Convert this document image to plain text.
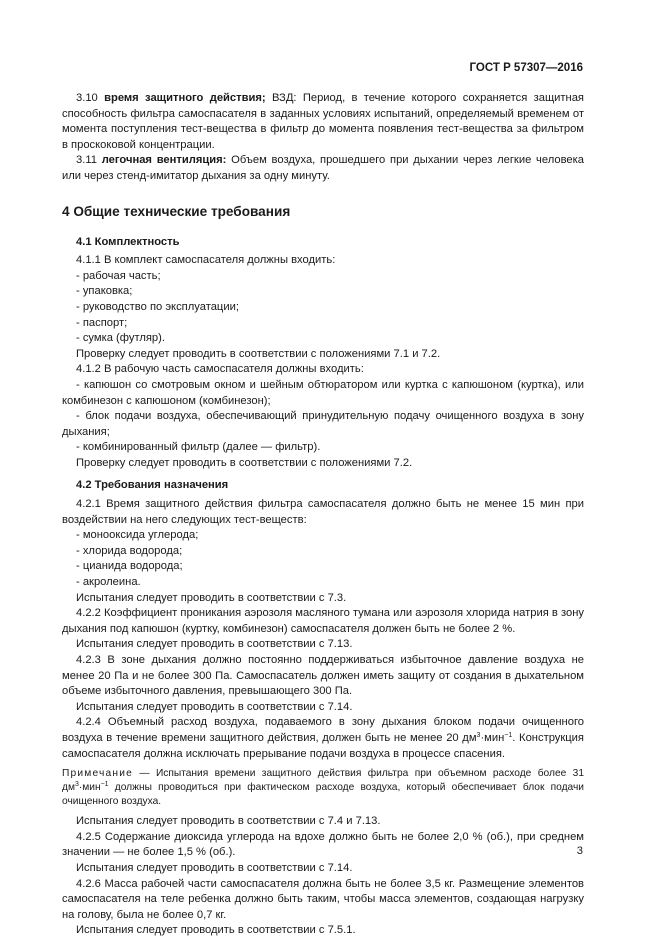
ГОСТ Р 57307—2016

3.10 время защитного действия; ВЗД: Период, в течение которого сохраняется защитная способность фильтра самоспасателя в заданных условиях испытаний, определяемый временем от момента поступления тест-вещества в фильтр до момента появления тест-вещества за фильтром в проскоковой концентрации.

3.11 легочная вентиляция: Объем воздуха, прошедшего при дыхании через легкие человека или через стенд-имитатор дыхания за одну минуту.

4 Общие технические требования
4.1 Комплектность

4.1.1 В комплект самоспасателя должны входить:

- рабочая часть;

- упаковка;

- руководство по эксплуатации;

- паспорт;

- сумка (футляр).

Проверку следует проводить в соответствии с положениями 7.1 и 7.2.

4.1.2 В рабочую часть самоспасателя должны входить:

- капюшон со смотровым окном и шейным обтюратором или куртка с капюшоном (куртка), или комбинезон с капюшоном (комбинезон);

- блок подачи воздуха, обеспечивающий принудительную подачу очищенного воздуха в зону дыхания;

- комбинированный фильтр (далее — фильтр).

Проверку следует проводить в соответствии с положениями 7.2.

4.2 Требования назначения

4.2.1 Время защитного действия фильтра самоспасателя должно быть не менее 15 мин при воздействии на него следующих тест-веществ:

- монооксида углерода;

- хлорида водорода;

- цианида водорода;

- акролеина.

Испытания следует проводить в соответствии с 7.3.

4.2.2 Коэффициент проникания аэрозоля масляного тумана или аэрозоля хлорида натрия в зону дыхания под капюшон (куртку, комбинезон) самоспасателя должен быть не более 2 %.

Испытания следует проводить в соответствии с 7.13.

4.2.3 В зоне дыхания должно постоянно поддерживаться избыточное давление воздуха не менее 20 Па и не более 300 Па. Самоспасатель должен иметь защиту от создания в дыхательном объеме избыточного давления, превышающего 300 Па.

Испытания следует проводить в соответствии с 7.14.

4.2.4 Объемный расход воздуха, подаваемого в зону дыхания блоком подачи очищенного воздуха в течение времени защитного действия, должен быть не менее 20 $дм^3\cdot мин^{-1}$. Конструкция самоспасателя должна исключать прерывание подачи воздуха в процессе спасения.

Примечание — Испытания времени защитного действия фильтра при объемном расходе более 31 $дм^3\cdot мин^{-1}$ должны проводиться при фактическом расходе воздуха, который обеспечивает блок подачи очищенного воздуха.

Испытания следует проводить в соответствии с 7.4 и 7.13.

4.2.5 Содержание диоксида углерода на вдохе должно быть не более 2,0 % (об.), при среднем значении — не более 1,5 % (об.).

Испытания следует проводить в соответствии с 7.14.

4.2.6 Масса рабочей части самоспасателя должна быть не более 3,5 кг. Размещение элементов самоспасателя на теле ребенка должно быть таким, чтобы масса элементов, создающая нагрузку на голову, была не более 0,7 кг.

Испытания следует проводить в соответствии с 7.5.1.

3
